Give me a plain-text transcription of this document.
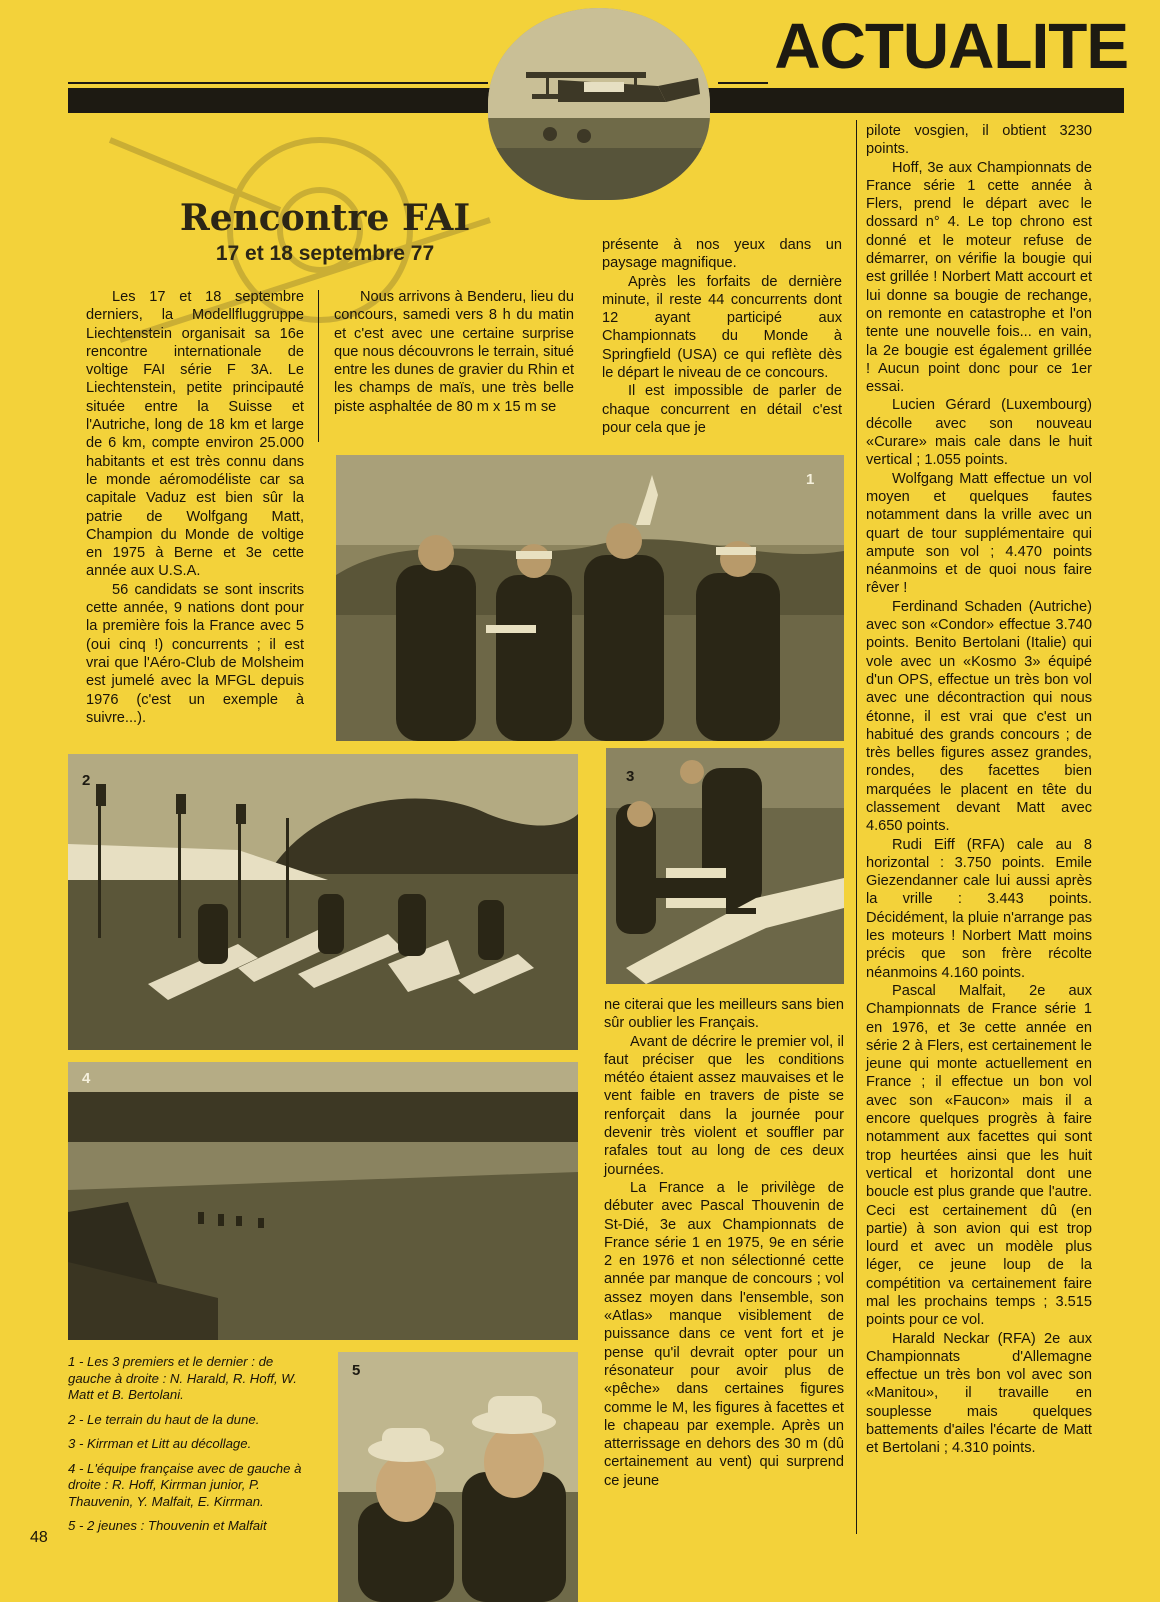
ACTUALITE
Rencontre FAI
17 et 18 septembre 77

Les 17 et 18 septembre derniers, la Modellfluggruppe Liechtenstein organisait sa 16e rencontre internationale de voltige FAI série F 3A. Le Liechtenstein, petite principauté située entre la Suisse et l'Autriche, long de 18 km et large de 6 km, compte environ 25.000 habitants et est très connu dans le monde aéromodéliste car sa capitale Vaduz est bien sûr la patrie de Wolfgang Matt, Champion du Monde de voltige en 1975 à Berne et 3e cette année aux U.S.A.

56 candidats se sont inscrits cette année, 9 nations dont pour la première fois la France avec 5 (oui cinq !) concurrents ; il est vrai que l'Aéro-Club de Molsheim est jumelé avec la MFGL depuis 1976 (c'est un exemple à suivre...).

Nous arrivons à Benderu, lieu du concours, samedi vers 8 h du matin et c'est avec une certaine surprise que nous découvrons le terrain, situé entre les dunes de gravier du Rhin et les champs de maïs, une très belle piste asphaltée de 80 m x 15 m se

présente à nos yeux dans un paysage magnifique.

Après les forfaits de dernière minute, il reste 44 concurrents dont 12 ayant participé aux Championnats du Monde à Springfield (USA) ce qui reflète dès le départ le niveau de ce concours.

Il est impossible de parler de chaque concurrent en détail c'est pour cela que je

pilote vosgien, il obtient 3230 points.

Hoff, 3e aux Championnats de France série 1 cette année à Flers, prend le départ avec le dossard n° 4. Le top chrono est donné et le moteur refuse de démarrer, on vérifie la bougie qui est grillée ! Norbert Matt accourt et lui donne sa bougie de rechange, on remonte en catastrophe et l'on tente une nouvelle fois... en vain, la 2e bougie est également grillée ! Aucun point donc pour ce 1er essai.

Lucien Gérard (Luxembourg) décolle avec son nouveau «Curare» mais cale dans le huit vertical ; 1.055 points.

Wolfgang Matt effectue un vol moyen et quelques fautes notamment dans la vrille avec un quart de tour supplémentaire qui ampute son vol ; 4.470 points néanmoins et de quoi nous faire rêver !

Ferdinand Schaden (Autriche) avec son «Condor» effectue 3.740 points. Benito Bertolani (Italie) qui vole avec un «Kosmo 3» équipé d'un OPS, effectue un très bon vol avec une décontraction qui nous étonne, il est vrai que c'est un habitué des grands concours ; de très belles figures assez grandes, rondes, des facettes bien marquées le placent en tête du classement devant Matt avec 4.650 points.

Rudi Eiff (RFA) cale au 8 horizontal : 3.750 points. Emile Giezendanner cale lui aussi après la vrille : 3.443 points. Décidément, la pluie n'arrange pas les moteurs ! Norbert Matt moins précis que son frère récolte néanmoins 4.160 points.

Pascal Malfait, 2e aux Championnats de France série 1 en 1976, et 3e cette année en série 2 à Flers, est certainement le jeune qui monte actuellement en France ; il effectue un bon vol avec son «Faucon» mais il a encore quelques progrès à faire notamment aux facettes qui sont trop heurtées ainsi que les huit vertical et horizontal dont une boucle est plus grande que l'autre. Ceci est certainement dû (en partie) à son avion qui est trop lourd et avec un modèle plus léger, ce jeune loup de la compétition va certainement faire mal les prochains temps ; 3.515 points pour ce vol.

Harald Neckar (RFA) 2e aux Championnats d'Allemagne effectue un très bon vol avec son «Manitou», il travaille en souplesse mais quelques battements d'ailes l'écarte de Matt et Bertolani ; 4.310 points.

1
2	3
4
5

ne citerai que les meilleurs sans bien sûr oublier les Français.

Avant de décrire le premier vol, il faut préciser que les conditions météo étaient assez mauvaises et le vent faible en travers de piste se renforçait dans la journée pour devenir très violent et souffler par rafales tout au long de ces deux journées.

La France a le privilège de débuter avec Pascal Thouvenin de St-Dié, 3e aux Championnats de France série 1 en 1975, 9e en série 2 en 1976 et non sélectionné cette année par manque de concours ; vol assez moyen dans l'ensemble, son «Atlas» manque visiblement de puissance dans ce vent fort et je pense qu'il devrait opter pour un résonateur pour avoir plus de «pêche» dans certaines figures comme le M, les figures à facettes et le chapeau par exemple. Après un atterrissage en dehors des 30 m (dû certainement au vent) qui surprend ce jeune

1 - Les 3 premiers et le dernier : de gauche à droite : N. Harald, R. Hoff, W. Matt et B. Bertolani.

2 - Le terrain du haut de la dune.

3 - Kirrman et Litt au décollage.

4 - L'équipe française avec de gauche à droite : R. Hoff, Kirrman junior, P. Thauvenin, Y. Malfait, E. Kirrman.

5 - 2 jeunes : Thouvenin et Malfait

48
